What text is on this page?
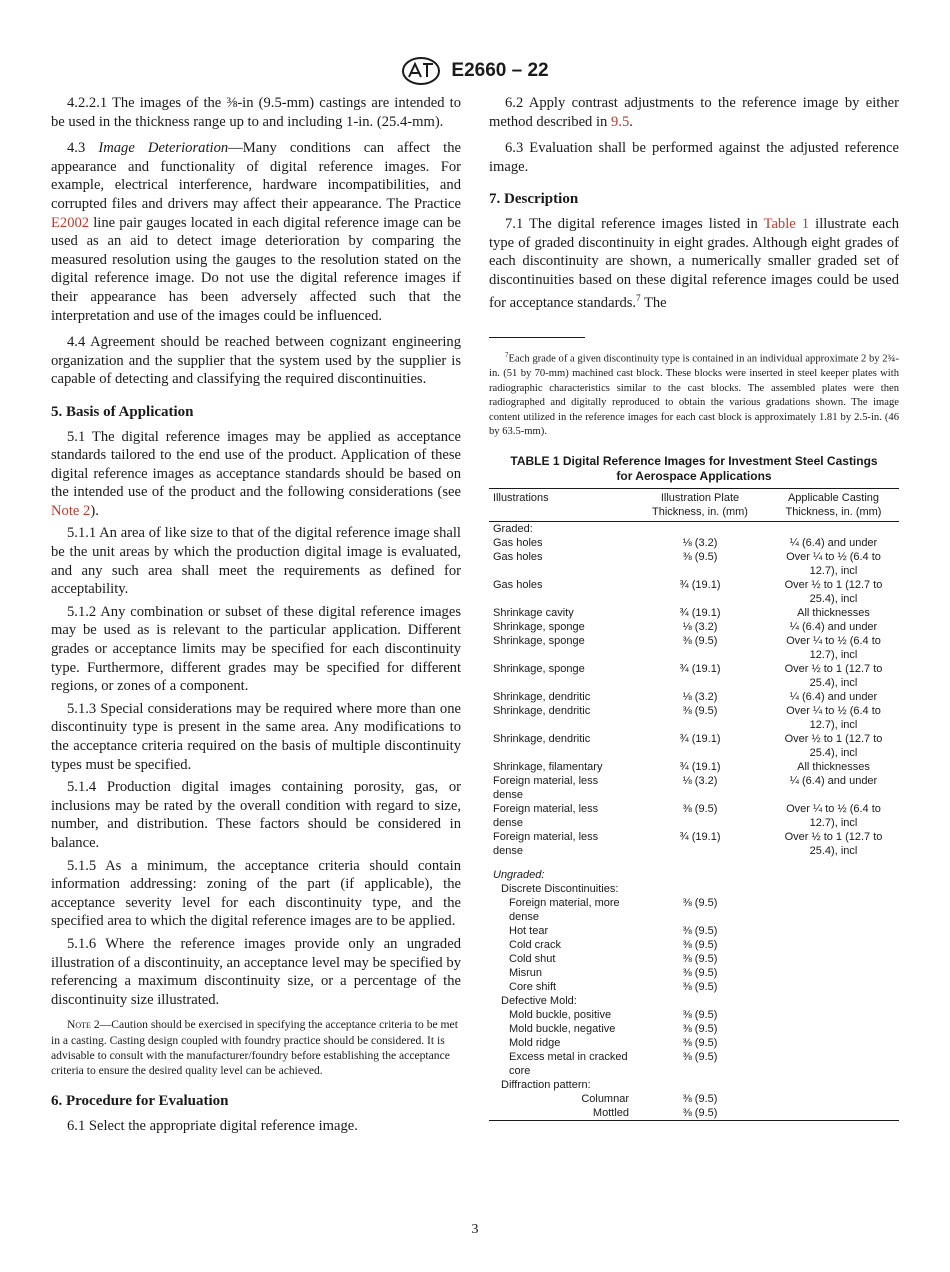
E2660 – 22

4.2.2.1 The images of the ⅜-in (9.5-mm) castings are intended to be used in the thickness range up to and including 1-in. (25.4-mm).

4.3 Image Deterioration—Many conditions can affect the appearance and functionality of digital reference images. For example, electrical interference, hardware incompatibilities, and corrupted files and drivers may affect their appearance. The Practice E2002 line pair gauges located in each digital reference image can be used as an aid to detect image deterioration by comparing the measured resolution using the gauges to the resolution stated on the digital reference image. Do not use the digital reference images if their appearance has been adversely affected such that the interpretation and use of the images could be influenced.

4.4 Agreement should be reached between cognizant engineering organization and the supplier that the system used by the supplier is capable of detecting and classifying the required discontinuities.

5. Basis of Application

5.1 The digital reference images may be applied as acceptance standards tailored to the end use of the product. Application of these digital reference images as acceptance standards should be based on the intended use of the product and the following considerations (see Note 2).

5.1.1 An area of like size to that of the digital reference image shall be the unit areas by which the production digital image is evaluated, and any such area shall meet the requirements as defined for acceptability.

5.1.2 Any combination or subset of these digital reference images may be used as is relevant to the particular application. Different grades or acceptance limits may be specified for each discontinuity type. Furthermore, different grades may be specified for different regions, or zones of a component.

5.1.3 Special considerations may be required where more than one discontinuity type is present in the same area. Any modifications to the acceptance criteria required on the basis of multiple discontinuity types must be specified.

5.1.4 Production digital images containing porosity, gas, or inclusions may be rated by the overall condition with regard to size, number, and distribution. These factors should be considered in balance.

5.1.5 As a minimum, the acceptance criteria should contain information addressing: zoning of the part (if applicable), the acceptance severity level for each discontinuity type, and the specified area to which the digital reference images are to be applied.

5.1.6 Where the reference images provide only an ungraded illustration of a discontinuity, an acceptance level may be specified by referencing a maximum discontinuity size, or a percentage of the discontinuity size illustrated.

Note 2—Caution should be exercised in specifying the acceptance criteria to be met in a casting. Casting design coupled with foundry practice should be considered. It is advisable to consult with the manufacturer/foundry before establishing the acceptance criteria to ensure the desired quality level can be achieved.

6. Procedure for Evaluation

6.1 Select the appropriate digital reference image.

6.2 Apply contrast adjustments to the reference image by either method described in 9.5.

6.3 Evaluation shall be performed against the adjusted reference image.

7. Description

7.1 The digital reference images listed in Table 1 illustrate each type of graded discontinuity in eight grades. Although eight grades of each discontinuity are shown, a numerically smaller graded set of discontinuities based on these digital reference images could be used for acceptance standards.$^7$ The

$^7$Each grade of a given discontinuity type is contained in an individual approximate 2 by 2¾-in. (51 by 70-mm) machined cast block. These blocks were inserted in steel keeper plates with radiographic characteristics similar to the cast blocks. The assembled plates were then radiographed and digitally reproduced to obtain the various gradations shown. The image content utilized in the reference images for each cast block is approximately 1.81 by 2.5-in. (46 by 63.5-mm).
TABLE 1 Digital Reference Images for Investment Steel Castings
for Aerospace Applications
Illustrations	Illustration Plate Thickness, in. (mm)	Applicable Casting Thickness, in. (mm)
Graded:		
Gas holes	⅛ (3.2)	¼ (6.4) and under
Gas holes	⅜ (9.5)	Over ¼ to ½ (6.4 to 12.7), incl
Gas holes	¾ (19.1)	Over ½ to 1 (12.7 to 25.4), incl
Shrinkage cavity	¾ (19.1)	All thicknesses
Shrinkage, sponge	⅛ (3.2)	¼ (6.4) and under
Shrinkage, sponge	⅜ (9.5)	Over ¼ to ½ (6.4 to 12.7), incl
Shrinkage, sponge	¾ (19.1)	Over ½ to 1 (12.7 to 25.4), incl
Shrinkage, dendritic	⅛ (3.2)	¼ (6.4) and under
Shrinkage, dendritic	⅜ (9.5)	Over ¼ to ½ (6.4 to 12.7), incl
Shrinkage, dendritic	¾ (19.1)	Over ½ to 1 (12.7 to 25.4), incl
Shrinkage, filamentary	¾ (19.1)	All thicknesses
Foreign material, less dense	⅛ (3.2)	¼ (6.4) and under
Foreign material, less dense	⅜ (9.5)	Over ¼ to ½ (6.4 to 12.7), incl
Foreign material, less dense	¾ (19.1)	Over ½ to 1 (12.7 to 25.4), incl

Ungraded:		
Discrete Discontinuities:		
Foreign material, more dense	⅜ (9.5)	
Hot tear	⅜ (9.5)	
Cold crack	⅜ (9.5)	
Cold shut	⅜ (9.5)	
Misrun	⅜ (9.5)	
Core shift	⅜ (9.5)	
Defective Mold:		
Mold buckle, positive	⅜ (9.5)	
Mold buckle, negative	⅜ (9.5)	
Mold ridge	⅜ (9.5)	
Excess metal in cracked core	⅜ (9.5)	
Diffraction pattern:		
Columnar	⅜ (9.5)	
Mottled	⅜ (9.5)	
3
